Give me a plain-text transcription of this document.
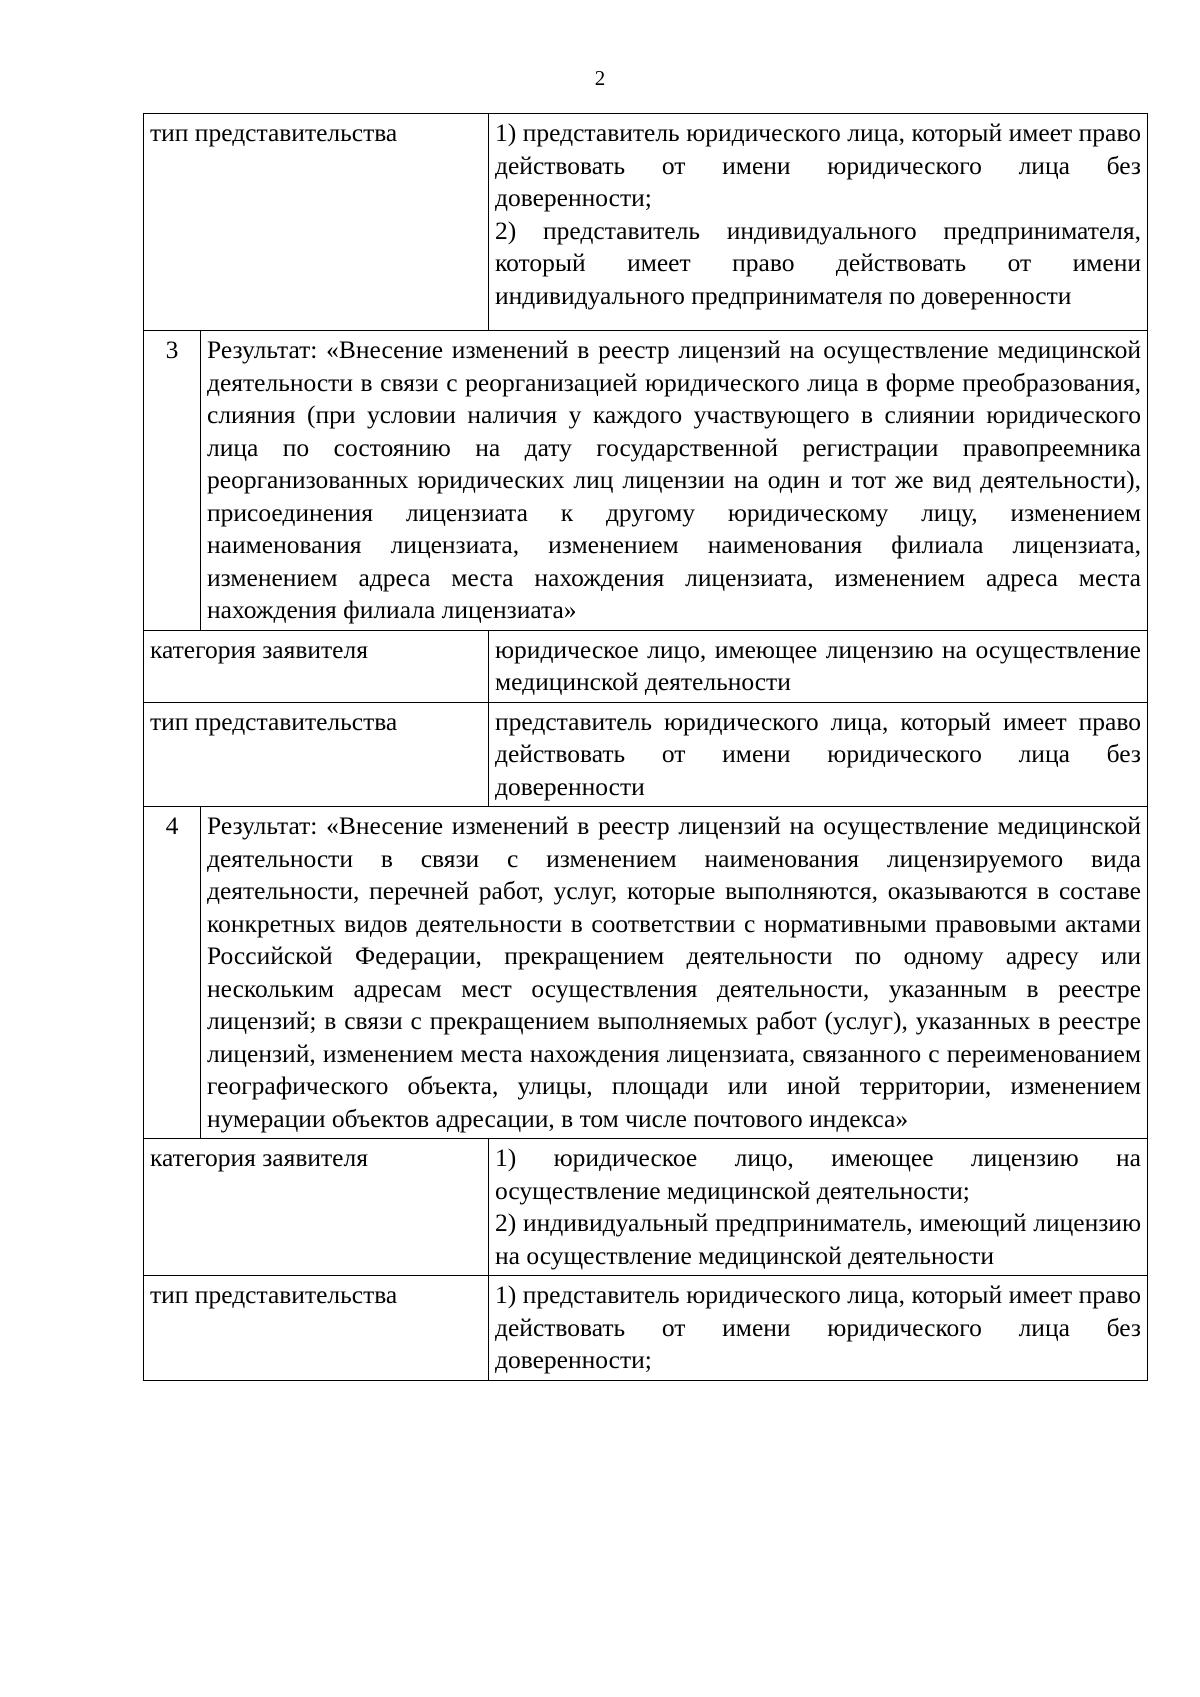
2
тип представительства		1) представитель юридического лица, который имеет право действовать от имени юридического лица без доверенности;
2) представитель индивидуального предпринимателя, который имеет право действовать от имени индивидуального предпринимателя по доверенности

3	Результат: «Внесение изменений в реестр лицензий на осуществление медицинской деятельности в связи с реорганизацией юридического лица в форме преобразования, слияния (при условии наличия у каждого участвующего в слиянии юридического лица по состоянию на дату государственной регистрации правопреемника реорганизованных юридических лиц лицензии на один и тот же вид деятельности), присоединения лицензиата к другому юридическому лицу, изменением наименования лицензиата, изменением наименования филиала лицензиата, изменением адреса места нахождения лицензиата, изменением адреса места нахождения филиала лицензиата»	
категория заявителя		юридическое лицо, имеющее лицензию на осуществление медицинской деятельности
тип представительства		представитель юридического лица, который имеет право действовать от имени юридического лица без доверенности
4	Результат: «Внесение изменений в реестр лицензий на осуществление медицинской деятельности в связи с изменением наименования лицензируемого вида деятельности, перечней работ, услуг, которые выполняются, оказываются в составе конкретных видов деятельности в соответствии с нормативными правовыми актами Российской Федерации, прекращением деятельности по одному адресу или нескольким адресам мест осуществления деятельности, указанным в реестре лицензий; в связи с прекращением выполняемых работ (услуг), указанных в реестре лицензий, изменением места нахождения лицензиата, связанного с переименованием географического объекта, улицы, площади или иной территории, изменением нумерации объектов адресации, в том числе почтового индекса»	
категория заявителя		1) юридическое лицо, имеющее лицензию на осуществление медицинской деятельности;
2) индивидуальный предприниматель, имеющий лицензию на осуществление медицинской деятельности

тип представительства		1) представитель юридического лица, который имеет право действовать от имени юридического лица без доверенности;
